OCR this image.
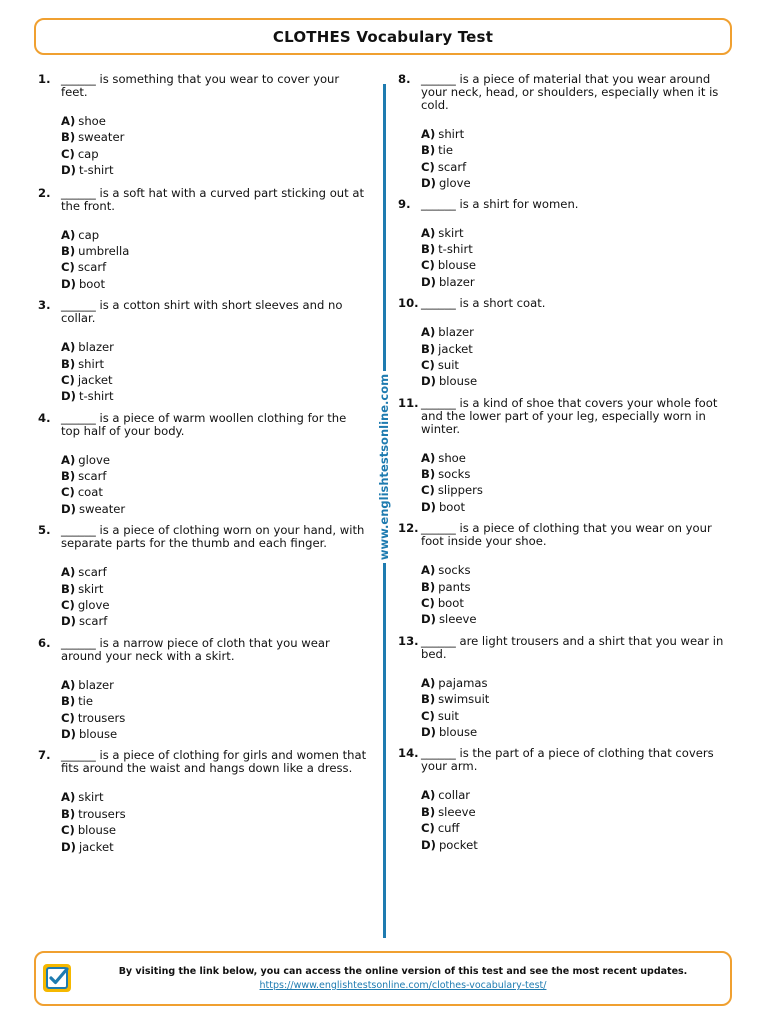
CLOTHES Vocabulary Test
1. ______ is something that you wear to cover your feet.

A) shoe
B) sweater
C) cap
D) t-shirt
2. ______ is a soft hat with a curved part sticking out at the front.

A) cap
B) umbrella
C) scarf
D) boot
3. ______ is a cotton shirt with short sleeves and no collar.

A) blazer
B) shirt
C) jacket
D) t-shirt
4. ______ is a piece of warm woollen clothing for the top half of your body.

A) glove
B) scarf
C) coat
D) sweater
5. ______ is a piece of clothing worn on your hand, with separate parts for the thumb and each finger.

A) scarf
B) skirt
C) glove
D) scarf
6. ______ is a narrow piece of cloth that you wear around your neck with a skirt.

A) blazer
B) tie
C) trousers
D) blouse
7. ______ is a piece of clothing for girls and women that fits around the waist and hangs down like a dress.

A) skirt
B) trousers
C) blouse
D) jacket
8. ______ is a piece of material that you wear around your neck, head, or shoulders, especially when it is cold.

A) shirt
B) tie
C) scarf
D) glove
9. ______ is a shirt for women.

A) skirt
B) t-shirt
C) blouse
D) blazer
10. ______ is a short coat.

A) blazer
B) jacket
C) suit
D) blouse
11. ______ is a kind of shoe that covers your whole foot and the lower part of your leg, especially worn in winter.

A) shoe
B) socks
C) slippers
D) boot
12. ______ is a piece of clothing that you wear on your foot inside your shoe.

A) socks
B) pants
C) boot
D) sleeve
13. ______ are light trousers and a shirt that you wear in bed.

A) pajamas
B) swimsuit
C) suit
D) blouse
14. ______ is the part of a piece of clothing that covers your arm.

A) collar
B) sleeve
C) cuff
D) pocket
www.englishtestsonline.com
By visiting the link below, you can access the online version of this test and see the most recent updates.
https://www.englishtestsonline.com/clothes-vocabulary-test/
